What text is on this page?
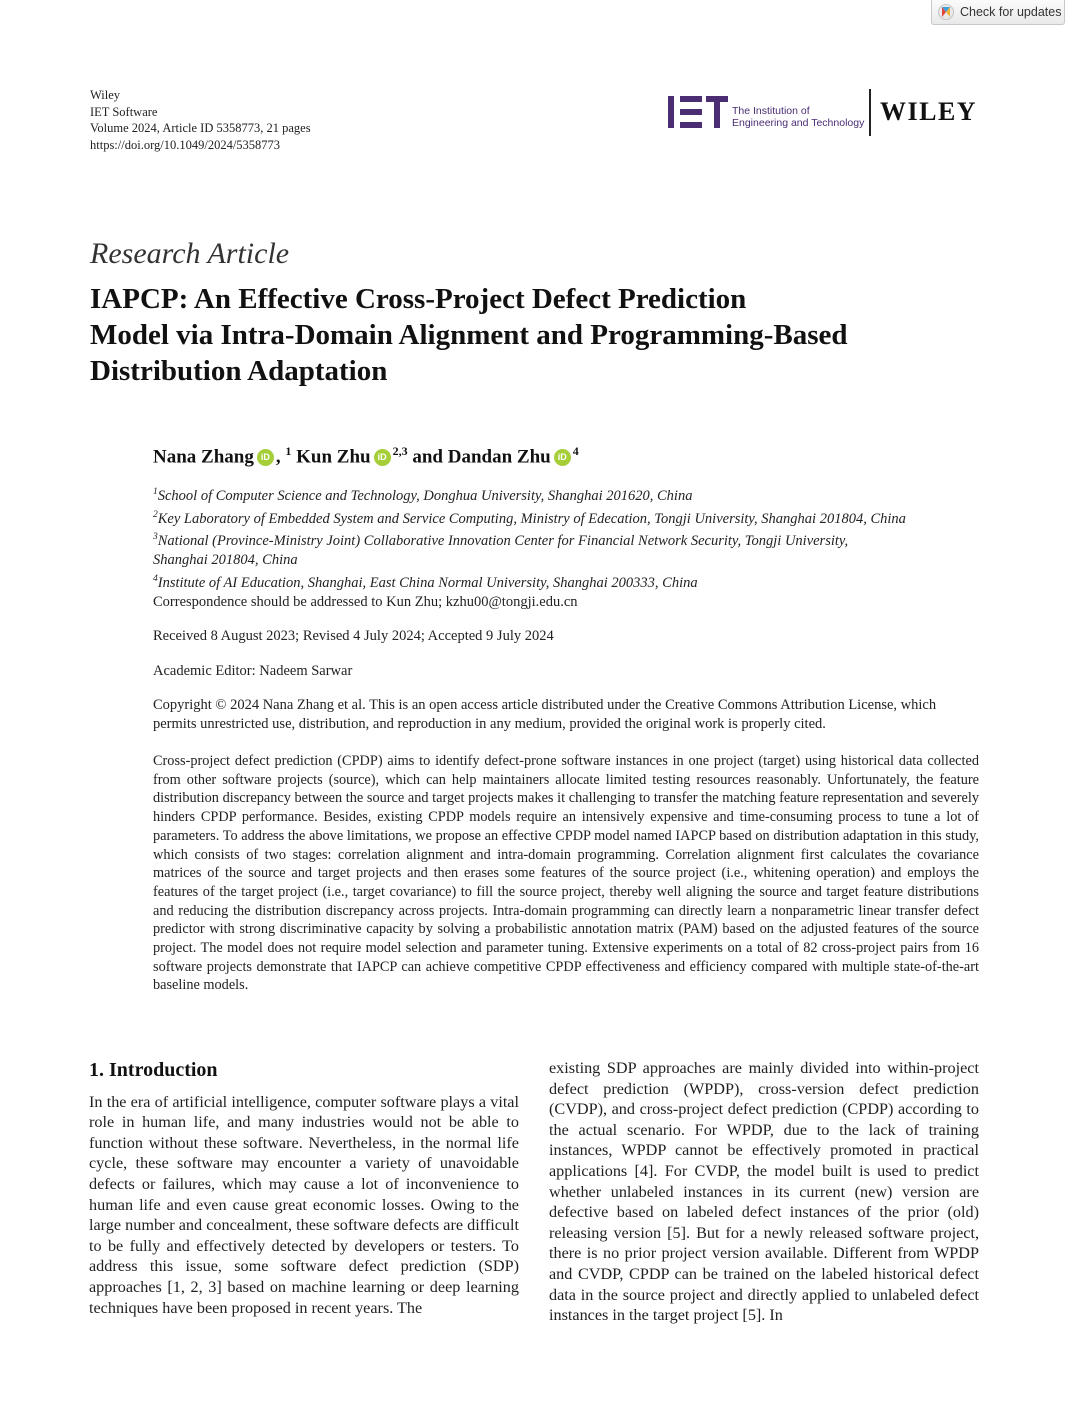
Check for updates
Wiley
IET Software
Volume 2024, Article ID 5358773, 21 pages
https://doi.org/10.1049/2024/5358773
The Institution of
Engineering and Technology WILEY
Research Article
IAPCP: An Effective Cross-Project Defect Prediction
Model via Intra-Domain Alignment and Programming-Based
Distribution Adaptation
Nana Zhang iD , $^1$ Kun Zhu iD $^{2,3}$ and Dandan Zhu iD $^4$
$^1$School of Computer Science and Technology, Donghua University, Shanghai 201620, China
$^2$Key Laboratory of Embedded System and Service Computing, Ministry of Edecation, Tongji University, Shanghai 201804, China
$^3$National (Province-Ministry Joint) Collaborative Innovation Center for Financial Network Security, Tongji University,
Shanghai 201804, China
$^4$Institute of AI Education, Shanghai, East China Normal University, Shanghai 200333, China
Correspondence should be addressed to Kun Zhu; kzhu00@tongji.edu.cn
Received 8 August 2023; Revised 4 July 2024; Accepted 9 July 2024
Academic Editor: Nadeem Sarwar
Copyright © 2024 Nana Zhang et al. This is an open access article distributed under the Creative Commons Attribution License, which permits unrestricted use, distribution, and reproduction in any medium, provided the original work is properly cited.
Cross-project defect prediction (CPDP) aims to identify defect-prone software instances in one project (target) using historical data collected from other software projects (source), which can help maintainers allocate limited testing resources reasonably. Unfortunately, the feature distribution discrepancy between the source and target projects makes it challenging to transfer the matching feature representation and severely hinders CPDP performance. Besides, existing CPDP models require an intensively expensive and time-consuming process to tune a lot of parameters. To address the above limitations, we propose an effective CPDP model named IAPCP based on distribution adaptation in this study, which consists of two stages: correlation alignment and intra-domain programming. Correlation alignment first calculates the covariance matrices of the source and target projects and then erases some features of the source project (i.e., whitening operation) and employs the features of the target project (i.e., target covariance) to fill the source project, thereby well aligning the source and target feature distributions and reducing the distribution discrepancy across projects. Intra-domain programming can directly learn a nonparametric linear transfer defect predictor with strong discriminative capacity by solving a probabilistic annotation matrix (PAM) based on the adjusted features of the source project. The model does not require model selection and parameter tuning. Extensive experiments on a total of 82 cross-project pairs from 16 software projects demonstrate that IAPCP can achieve competitive CPDP effectiveness and efficiency compared with multiple state-of-the-art baseline models.
1. Introduction
In the era of artificial intelligence, computer software plays a vital role in human life, and many industries would not be able to function without these software. Nevertheless, in the normal life cycle, these software may encounter a variety of unavoidable defects or failures, which may cause a lot of inconvenience to human life and even cause great economic losses. Owing to the large number and concealment, these software defects are difficult to be fully and effectively detected by developers or testers. To address this issue, some software defect prediction (SDP) approaches [1, 2, 3] based on machine learning or deep learning techniques have been proposed in recent years. The
existing SDP approaches are mainly divided into within-project defect prediction (WPDP), cross-version defect prediction (CVDP), and cross-project defect prediction (CPDP) according to the actual scenario. For WPDP, due to the lack of training instances, WPDP cannot be effectively promoted in practical applications [4]. For CVDP, the model built is used to predict whether unlabeled instances in its current (new) version are defective based on labeled defect instances of the prior (old) releasing version [5]. But for a newly released software project, there is no prior project version available. Different from WPDP and CVDP, CPDP can be trained on the labeled historical defect data in the source project and directly applied to unlabeled defect instances in the target project [5]. In
